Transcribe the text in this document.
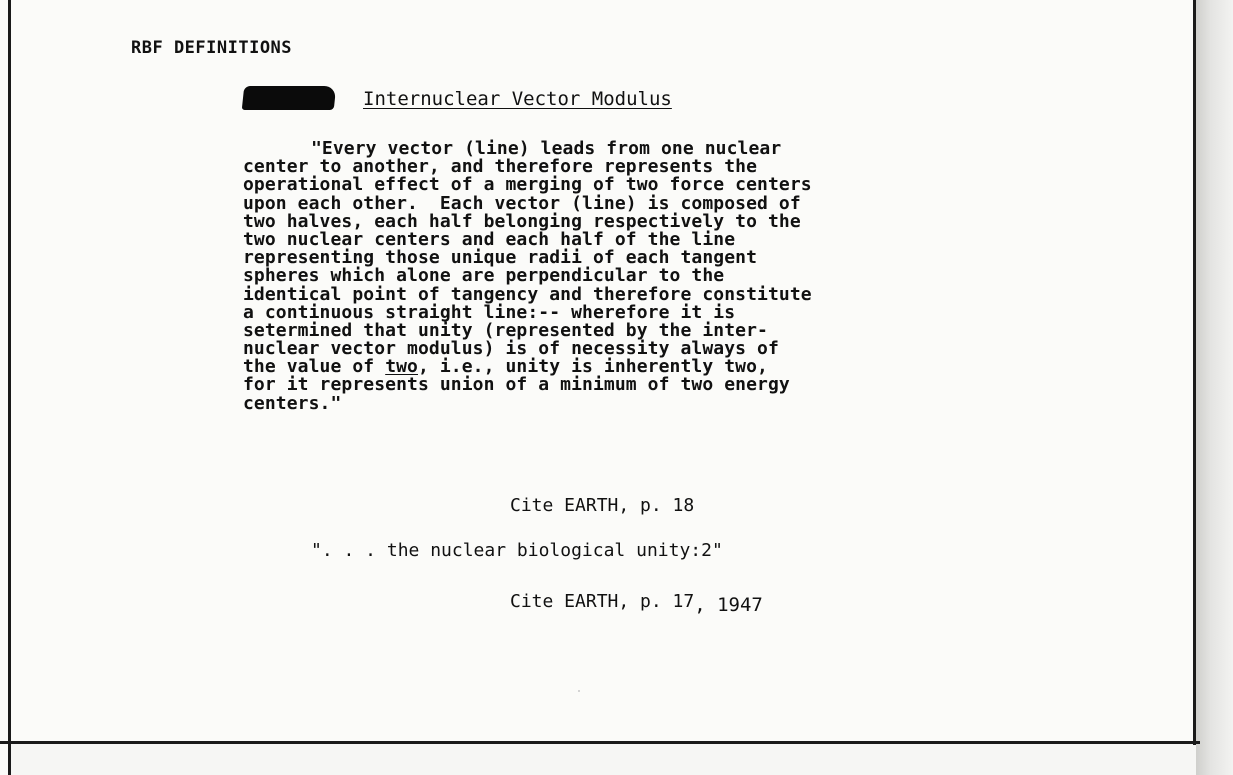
RBF DEFINITIONS
Internuclear Vector Modulus
"Every vector (line) leads from one nuclear
center to another, and therefore represents the
operational effect of a merging of two force centers
upon each other.  Each vector (line) is composed of
two halves, each half belonging respectively to the
two nuclear centers and each half of the line
representing those unique radii of each tangent
spheres which alone are perpendicular to the
identical point of tangency and therefore constitute
a continuous straight line:-- wherefore it is
setermined that unity (represented by the inter-
nuclear vector modulus) is of necessity always of
the value of two, i.e., unity is inherently two,
for it represents union of a minimum of two energy
centers."
Cite EARTH, p. 18
". . . the nuclear biological unity:2"
Cite EARTH, p. 17, 1947
